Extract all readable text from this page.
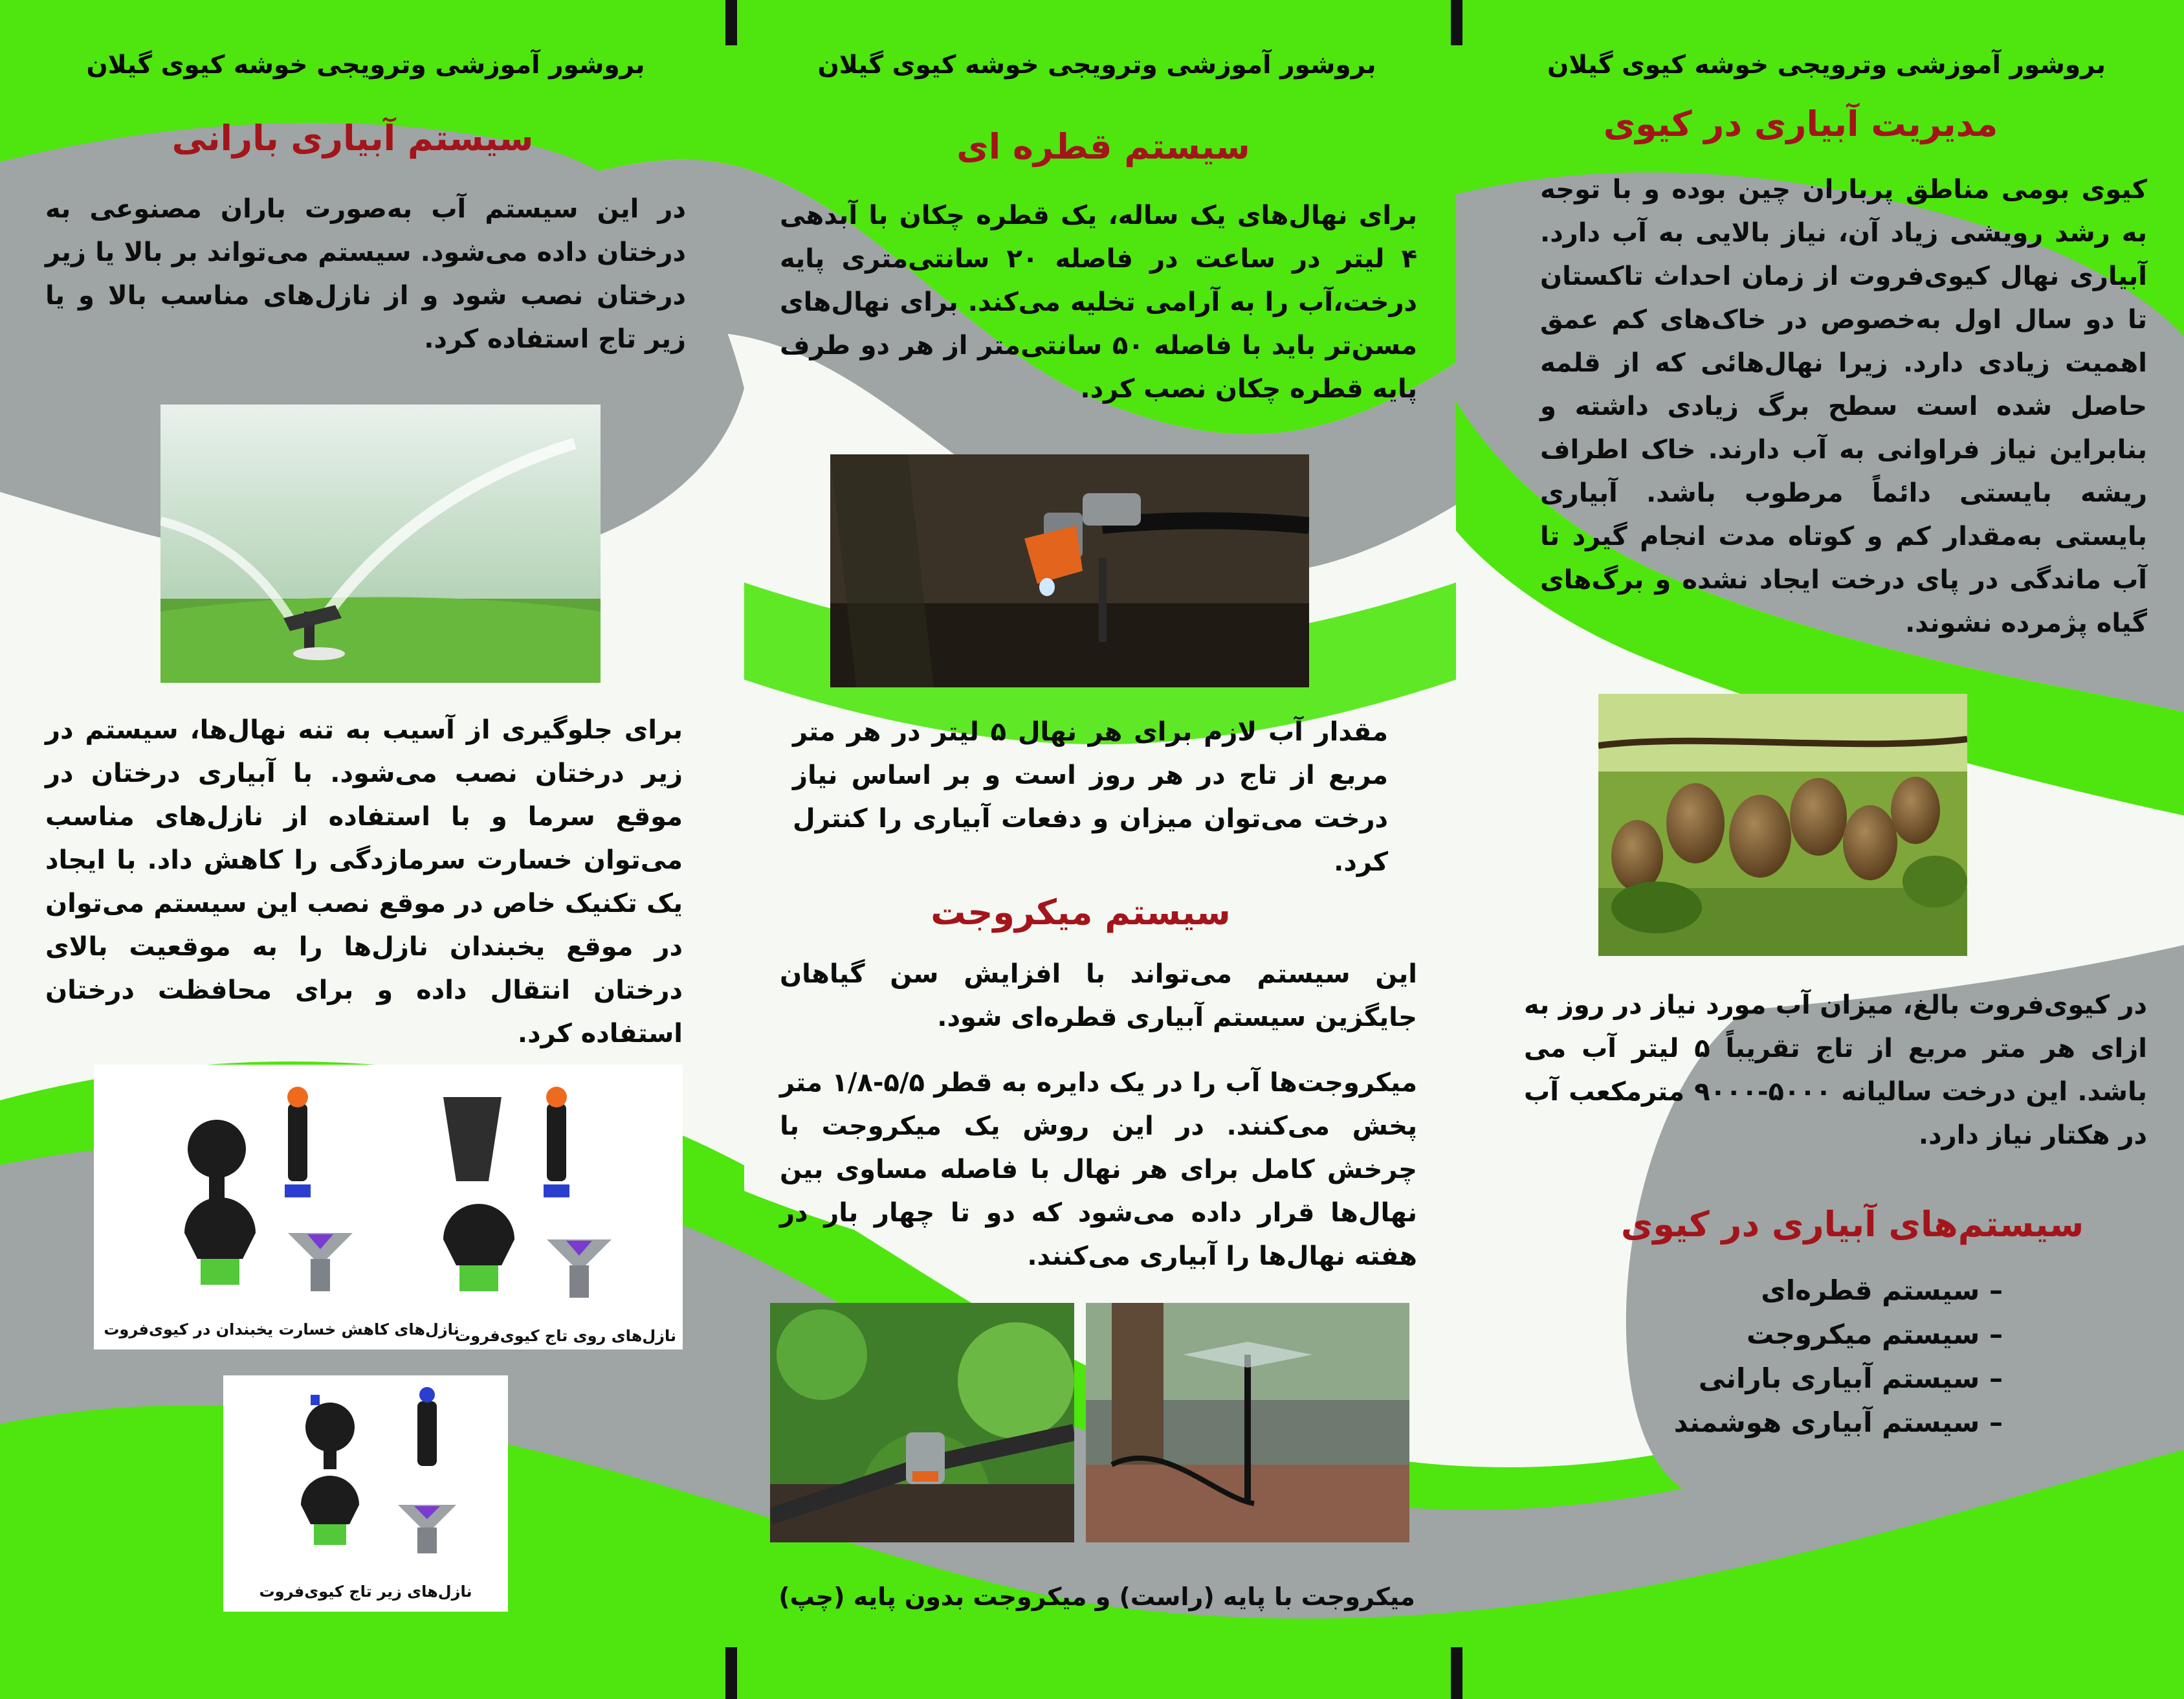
بروشور آموزشی وترویجی خوشه کیوی گیلان
مدیریت آبیاری در کیوی

کیوی بومی مناطق پرباران چین بوده و با توجه به رشد رویشی زیاد آن، نیاز بالایی به آب دارد. آبیاری نهال کیوی‌فروت از زمان احداث تاکستان تا دو سال اول به‌خصوص در خاک‌های کم عمق اهمیت زیادی دارد. زیرا نهال‌هائی که از قلمه حاصل شده است سطح برگ زیادی داشته و بنابراین نیاز فراوانی به آب دارند. خاک اطراف ریشه بایستی دائماً مرطوب باشد. آبیاری بایستی به‌مقدار کم و کوتاه مدت انجام گیرد تا آب ماندگی در پای درخت ایجاد نشده و برگ‌های گیاه پژمرده نشوند.

در کیوی‌فروت بالغ، میزان آب مورد نیاز در روز به ازای هر متر مربع از تاج تقریباً ۵ لیتر آب می باشد. این درخت سالیانه ۵۰۰۰-۹۰۰۰ مترمکعب آب در هکتار نیاز دارد.

سیستم‌های آبیاری در کیوی
– سیستم قطره‌ای
– سیستم میکروجت
– سیستم آبیاری بارانی
– سیستم آبیاری هوشمند
بروشور آموزشی وترویجی خوشه کیوی گیلان
سیستم قطره ای

برای نهال‌های یک ساله، یک قطره چکان با آبدهی ۴ لیتر در ساعت در فاصله ۲۰ سانتی‌متری پایه درخت،آب را به آرامی تخلیه می‌کند. برای نهال‌های مسن‌تر باید با فاصله ۵۰ سانتی‌متر از هر دو طرف پایه قطره چکان نصب کرد.

مقدار آب لازم برای هر نهال ۵ لیتر در هر متر مربع از تاج در هر روز است و بر اساس نیاز درخت می‌توان میزان و دفعات آبیاری را کنترل کرد.

سیستم میکروجت

این سیستم می‌تواند با افزایش سن گیاهان جایگزین سیستم آبیاری قطره‌ای شود.

میکروجت‌ها آب را در یک دایره به قطر ۵/۵-۱/۸ متر پخش می‌کنند. در این روش یک میکروجت با چرخش کامل برای هر نهال با فاصله مساوی بین نهال‌ها قرار داده می‌شود که دو تا چهار بار در هفته نهال‌ها را آبیاری می‌کنند.

میکروجت با پایه (راست) و میکروجت بدون پایه (چپ)
بروشور آموزشی وترویجی خوشه کیوی گیلان
سیستم آبیاری بارانی

در این سیستم آب به‌صورت باران مصنوعی به درختان داده می‌شود. سیستم می‌تواند بر بالا یا زیر درختان نصب شود و از نازل‌های مناسب بالا و یا زیر تاج استفاده کرد.

برای جلوگیری از آسیب به تنه نهال‌ها، سیستم در زیر درختان نصب می‌شود. با آبیاری درختان در موقع سرما و با استفاده از نازل‌های مناسب می‌توان خسارت سرمازدگی را کاهش داد. با ایجاد یک تکنیک خاص در موقع نصب این سیستم می‌توان در موقع یخبندان نازل‌ها را به موقعیت بالای درختان انتقال داده و برای محافظت درختان استفاده کرد.

نازل‌های کاهش خسارت یخبندان در کیوی‌فروت
نازل‌های روی تاج کیوی‌فروت
نازل‌های زیر تاج کیوی‌فروت
